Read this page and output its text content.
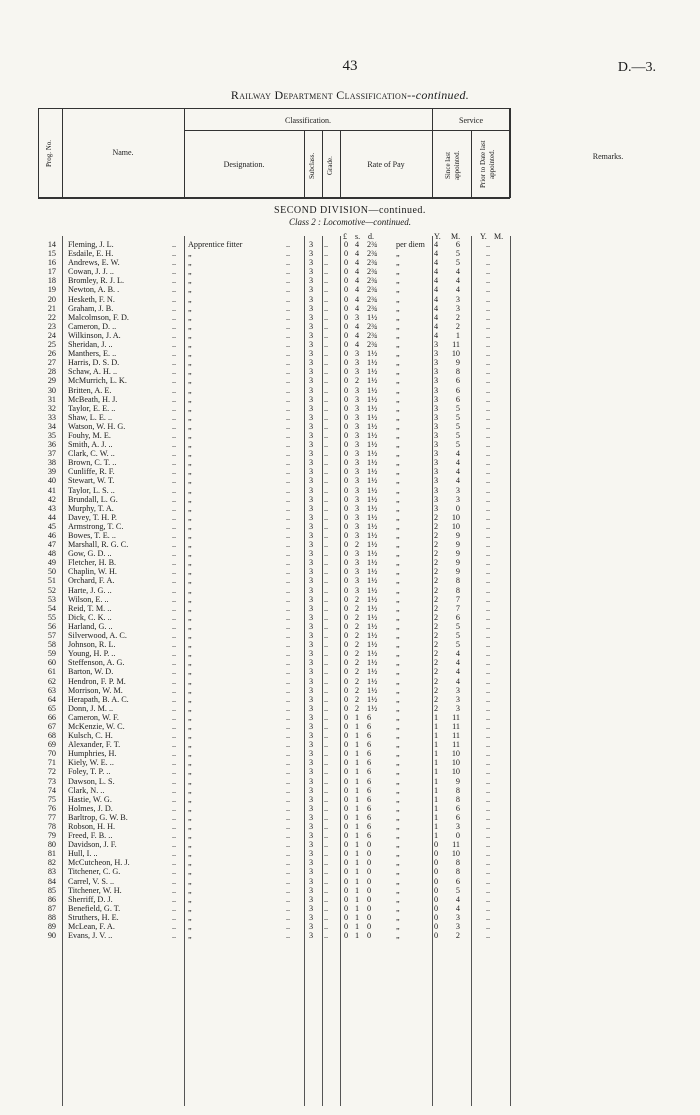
43	D.—3.
Railway Department Classification--continued.
Prog. No.	Name.
Classification.
Designation.	Subclass. Grade.	Rate of Pay
Service
Since last appointed.	Prior to Date last appointed.	Remarks.
SECOND DIVISION—continued.
Class 2 : Locomotive—continued.
£ s. d.	Y. M. Y. M.
14 Fleming, J. L.	.. Apprentice fitter	.. 3 .. 0 4 2¾ per diem 4	6	..
15 Esdaile, E. H.	.. „	.. 3 .. 0 4 2¾ „	4	5	..
16 Andrews, E. W.	.. „	.. 3 .. 0 4 2¾ „	4	5	..
17 Cowan, J. J. ..	.. „	.. 3 .. 0 4 2¾ „	4	4	..
18 Bromley, R. J. L.	.. „	.. 3 .. 0 4 2¾ „	4	4	..
19 Newton, A. B. .	.. „	.. 3 .. 0 4 2¾ „	4	4	..
20 Hesketh, F. N.	.. „	.. 3 .. 0 4 2¾ „	4	3	..
21 Graham, J. B.	.. „	.. 3 .. 0 4 2¾ „	4	3	..
22 Malcolmson, F. D.	.. „	.. 3 .. 0 3 1½ „	4	2	..
23 Cameron, D. ..	.. „	.. 3 .. 0 4 2¾ „	4	2	..
24 Wilkinson, J. A.	.. „	.. 3 .. 0 4 2¾ „	4	1	..
25 Sheridan, J. ..	.. „	.. 3 .. 0 4 2¾ „	3	11	..
26 Manthers, E. ..	.. „	.. 3 .. 0 3 1½ „	3	10	..
27 Harris, D. S. D.	.. „	.. 3 .. 0 3 1½ „	3	9	..
28 Schaw, A. H. ..	.. „	.. 3 .. 0 3 1½ „	3	8	..
29 McMurrich, L. K.	.. „	.. 3 .. 0 2 1½ „	3	6	..
30 Britten, A. E.	.. „	.. 3 .. 0 3 1½ „	3	6	..
31 McBeath, H. J.	.. „	.. 3 .. 0 3 1½ „	3	6	..
32 Taylor, E. E. ..	.. „	.. 3 .. 0 3 1½ „	3	5	..
33 Shaw, L. E. ..	.. „	.. 3 .. 0 3 1½ „	3	5	..
34 Watson, W. H. G.	.. „	.. 3 .. 0 3 1½ „	3	5	..
35 Fouhy, M. E.	.. „	.. 3 .. 0 3 1½ „	3	5	..
36 Smith, A. J. ..	.. „	.. 3 .. 0 3 1½ „	3	5	..
37 Clark, C. W. ..	.. „	.. 3 .. 0 3 1½ „	3	4	..
38 Brown, C. T. ..	.. „	.. 3 .. 0 3 1½ „	3	4	..
39 Cunliffe, R. F.	.. „	.. 3 .. 0 3 1½ „	3	4	..
40 Stewart, W. T.	.. „	.. 3 .. 0 3 1½ „	3	4	..
41 Taylor, L. S. ..	.. „	.. 3 .. 0 3 1½ „	3	3	..
42 Brundall, L. G.	.. „	.. 3 .. 0 3 1½ „	3	3	..
43 Murphy, T. A.	.. „	.. 3 .. 0 3 1½ „	3	0	..
44 Davey, T. H. P.	.. „	.. 3 .. 0 3 1½ „	2	10	..
45 Armstrong, T. C.	.. „	.. 3 .. 0 3 1½ „	2	10	..
46 Bowes, T. E. ..	.. „	.. 3 .. 0 3 1½ „	2	9	..
47 Marshall, R. G. C.	.. „	.. 3 .. 0 2 1½ „	2	9	..
48 Gow, G. D. ..	.. „	.. 3 .. 0 3 1½ „	2	9	..
49 Fletcher, H. B.	.. „	.. 3 .. 0 3 1½ „	2	9	..
50 Chaplin, W. H.	.. „	.. 3 .. 0 3 1½ „	2	9	..
51 Orchard, F. A.	.. „	.. 3 .. 0 3 1½ „	2	8	..
52 Harte, J. G. ..	.. „	.. 3 .. 0 3 1½ „	2	8	..
53 Wilson, E. ..	.. „	.. 3 .. 0 2 1½ „	2	7	..
54 Reid, T. M. ..	.. „	.. 3 .. 0 2 1½ „	2	7	..
55 Dick, C. K. ..	.. „	.. 3 .. 0 2 1½ „	2	6	..
56 Harland, G. ..	.. „	.. 3 .. 0 2 1½ „	2	5	..
57 Silverwood, A. C.	.. „	.. 3 .. 0 2 1½ „	2	5	..
58 Johnson, R. L.	.. „	.. 3 .. 0 2 1½ „	2	5	..
59 Young, H. P. ..	.. „	.. 3 .. 0 2 1½ „	2	4	..
60 Steffenson, A. G.	.. „	.. 3 .. 0 2 1½ „	2	4	..
61 Barton, W. D.	.. „	.. 3 .. 0 2 1½ „	2	4	..
62 Hendron, F. P. M.	.. „	.. 3 .. 0 2 1½ „	2	4	..
63 Morrison, W. M.	.. „	.. 3 .. 0 2 1½ „	2	3	..
64 Herapath, B. A. C.	.. „	.. 3 .. 0 2 1½ „	2	3	..
65 Donn, J. M. ..	.. „	.. 3 .. 0 2 1½ „	2	3	..
66 Cameron, W. F.	.. „	.. 3 .. 0 1 6	„	1	11	..
67 McKenzie, W. C.	.. „	.. 3 .. 0 1 6	„	1	11	..
68 Kulsch, C. H.	.. „	.. 3 .. 0 1 6	„	1	11	..
69 Alexander, F. T.	.. „	.. 3 .. 0 1 6	„	1	11	..
70 Humphries, H.	.. „	.. 3 .. 0 1 6	„	1	10	..
71 Kiely, W. E. ..	.. „	.. 3 .. 0 1 6	„	1	10	..
72 Foley, T. P. ..	.. „	.. 3 .. 0 1 6	„	1	10	..
73 Dawson, L. S.	.. „	.. 3 .. 0 1 6	„	1	9	..
74 Clark, N. ..	.. „	.. 3 .. 0 1 6	„	1	8	..
75 Hastie, W. G.	.. „	.. 3 .. 0 1 6	„	1	8	..
76 Holmes, J. D.	.. „	.. 3 .. 0 1 6	„	1	6	..
77 Barltrop, G. W. B.	.. „	.. 3 .. 0 1 6	„	1	6	..
78 Robson, H. H.	.. „	.. 3 .. 0 1 6	„	1	3	..
79 Freed, F. B. ..	.. „	.. 3 .. 0 1 6	„	1	0	..
80 Davidson, J. F.	.. „	.. 3 .. 0 1 0	„	0	11	..
81 Hull, I. ..	.. „	.. 3 .. 0 1 0	„	0	10	..
82 McCutcheon, H. J.	.. „	.. 3 .. 0 1 0	„	0	8	..
83 Titchener, C. G.	.. „	.. 3 .. 0 1 0	„	0	8	..
84 Carrel, V. S. ..	.. „	.. 3 .. 0 1 0	„	0	6	..
85 Titchener, W. H.	.. „	.. 3 .. 0 1 0	„	0	5	..
86 Sherriff, D. J.	.. „	.. 3 .. 0 1 0	„	0	4	..
87 Benefield, G. T.	.. „	.. 3 .. 0 1 0	„	0	4	..
88 Struthers, H. E.	.. „	.. 3 .. 0 1 0	„	0	3	..
89 McLean, F. A.	.. „	.. 3 .. 0 1 0	„	0	3	..
90 Evans, J. V. ..	.. „	.. 3 .. 0 1 0	„	0	2	..
